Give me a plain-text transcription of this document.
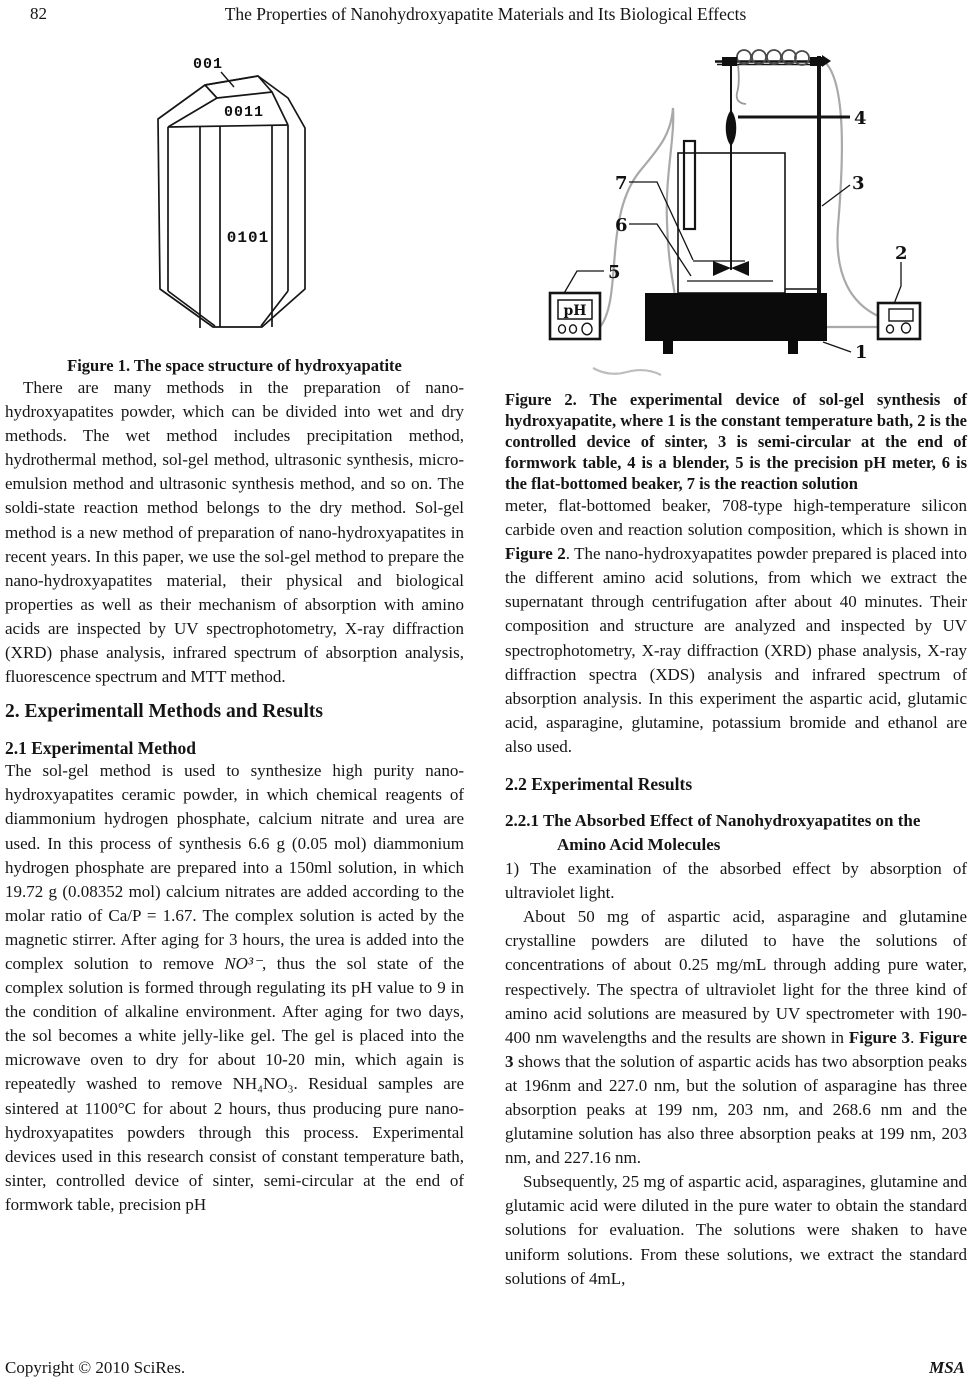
82	The Properties of Nanohydroxyapatite Materials and Its Biological Effects
001
0011
0101
Figure 1. The space structure of hydroxyapatite

There are many methods in the preparation of nano-hydroxyapatites powder, which can be divided into wet and dry methods. The wet method includes precipitation method, hydrothermal method, sol-gel method, ultrasonic synthesis, micro-emulsion method and ultrasonic synthesis method, and so on. The soldi-state reaction method belongs to the dry method. Sol-gel method is a new method of preparation of nano-hydroxyapatites in recent years. In this paper, we use the sol-gel method to prepare the nano-hydroxyapatites material, their physical and biological properties as well as their mechanism of absorption with amino acids are inspected by UV spectrophotometry, X-ray diffraction (XRD) phase analysis, infrared spectrum of absorption analysis, fluorescence spectrum and MTT method.

2. Experimentall Methods and Results
2.1 Experimental Method

The sol-gel method is used to synthesize high purity nano-hydroxyapatites ceramic powder, in which chemical reagents of diammonium hydrogen phosphate, calcium nitrate and urea are used. In this process of synthesis 6.6 g (0.05 mol) diammonium hydrogen phosphate are prepared into a 150ml solution, in which 19.72 g (0.08352 mol) calcium nitrates are added according to the molar ratio of Ca/P = 1.67. The complex solution is acted by the magnetic stirrer. After aging for 3 hours, the urea is added into the complex solution to remove NO³⁻, thus the sol state of the complex solution is formed through regulating its pH value to 9 in the condition of alkaline environment. After aging for two days, the sol becomes a white jelly-like gel. The gel is placed into the microwave oven to dry for about 10-20 min, which again is repeatedly washed to remove NH₄NO₃. Residual samples are sintered at 1100°C for about 2 hours, thus producing pure nano-hydroxyapatites powders through this process. Experimental devices used in this research consist of constant temperature bath, sinter, controlled device of sinter, semi-circular at the end of formwork table, precision pH

pH
4
3
2
1
7
6
5
Figure 2. The experimental device of sol-gel synthesis of hydroxyapatite, where 1 is the constant temperature bath, 2 is the controlled device of sinter, 3 is semi-circular at the end of formwork table, 4 is a blender, 5 is the precision pH meter, 6 is the flat-bottomed beaker, 7 is the reaction solution

meter, flat-bottomed beaker, 708-type high-temperature silicon carbide oven and reaction solution composition, which is shown in Figure 2. The nano-hydroxyapatites powder prepared is placed into the different amino acid solutions, from which we extract the supernatant through centrifugation after about 40 minutes. Their composition and structure are analyzed and inspected by UV spectrophotometry, X-ray diffraction (XRD) phase analysis, X-ray diffraction spectra (XDS) analysis and infrared spectrum of absorption analysis. In this experiment the aspartic acid, glutamic acid, asparagine, glutamine, potassium bromide and ethanol are also used.

2.2 Experimental Results
2.2.1 The Absorbed Effect of Nanohydroxyapatites on the Amino Acid Molecules

1) The examination of the absorbed effect by absorption of ultraviolet light.

About 50 mg of aspartic acid, asparagine and glutamine crystalline powders are diluted to have the solutions of concentrations of about 0.25 mg/mL through adding pure water, respectively. The spectra of ultraviolet light for the three kind of amino acid solutions are measured by UV spectrometer with 190-400 nm wavelengths and the results are shown in Figure 3. Figure 3 shows that the solution of aspartic acids has two absorption peaks at 196nm and 227.0 nm, but the solution of asparagine has three absorption peaks at 199 nm, 203 nm, and 268.6 nm and the glutamine solution has also three absorption peaks at 199 nm, 203 nm, and 227.16 nm.

Subsequently, 25 mg of aspartic acid, asparagines, glutamine and glutamic acid were diluted in the pure water to obtain the standard solutions for evaluation. The solutions were shaken to have uniform solutions. From these solutions, we extract the standard solutions of 4mL,

Copyright © 2010 SciRes.	MSA
